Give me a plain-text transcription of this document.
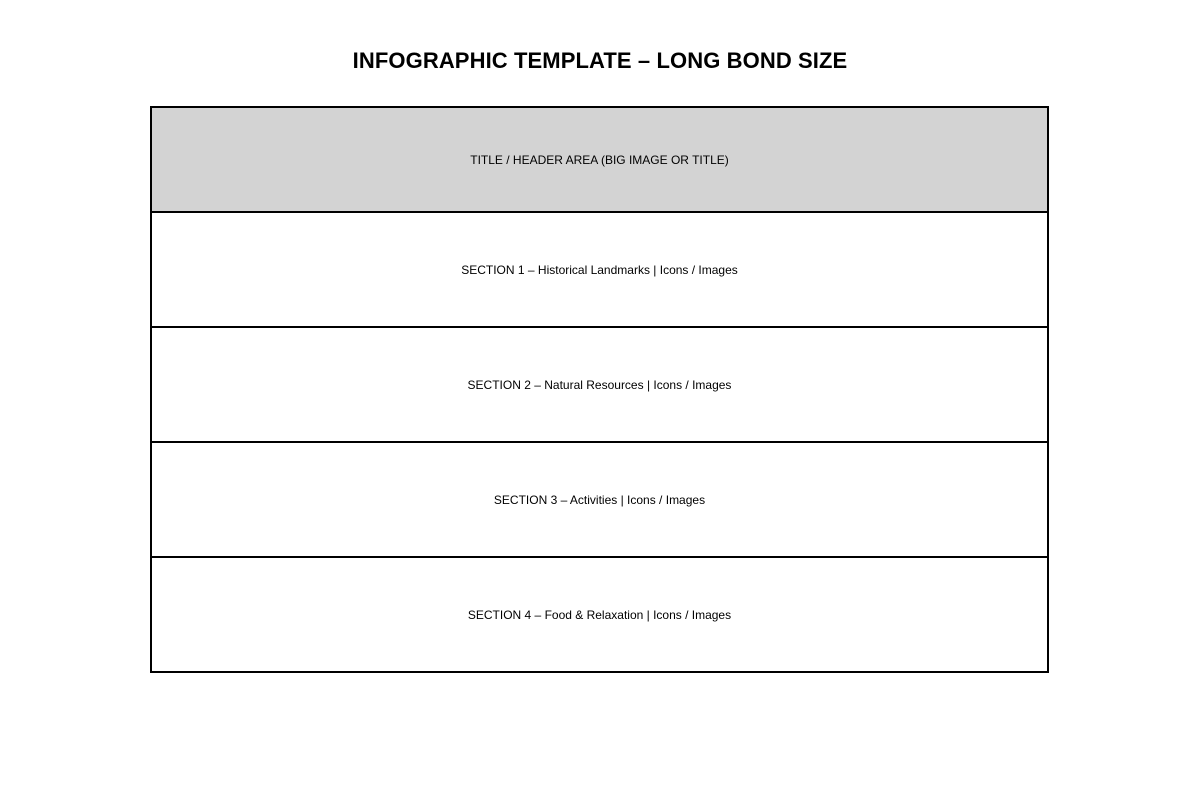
INFOGRAPHIC TEMPLATE – LONG BOND SIZE
TITLE / HEADER AREA (BIG IMAGE OR TITLE)
SECTION 1 – Historical Landmarks | Icons / Images
SECTION 2 – Natural Resources | Icons / Images
SECTION 3 – Activities | Icons / Images
SECTION 4 – Food & Relaxation | Icons / Images
